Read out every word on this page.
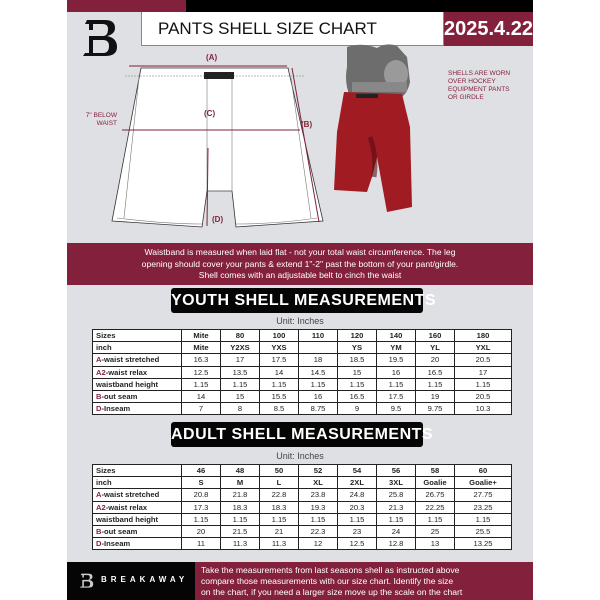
PANTS SHELL SIZE CHART	2025.4.22
(A)
(C)
(B)
(D)
7" BELOW
WAIST
SHELLS ARE WORN
OVER HOCKEY
EQUIPMENT PANTS
OR GIRDLE
Waistband is measured when laid flat - not your total waist circumference. The leg
opening should cover your pants & extend 1"-2" past the bottom of your pant/girdle.
Shell comes with an adjustable belt to cinch the waist
YOUTH SHELL MEASUREMENTS
Unit: Inches
Sizes	Mite	80	100	110	120	140	160	180
inch	Mite	Y2XS	YXS		YS	YM	YL	YXL
A-waist stretched	16.3	17	17.5	18	18.5	19.5	20	20.5
A2-waist relax	12.5	13.5	14	14.5	15	16	16.5	17
waistband height	1.15	1.15	1.15	1.15	1.15	1.15	1.15	1.15
B-out seam	14	15	15.5	16	16.5	17.5	19	20.5
D-Inseam	7	8	8.5	8.75	9	9.5	9.75	10.3
ADULT SHELL MEASUREMENTS
Unit: Inches
Sizes	46	48	50	52	54	56	58	60
inch	S	M	L	XL	2XL	3XL	Goalie	Goalie+
A-waist stretched	20.8	21.8	22.8	23.8	24.8	25.8	26.75	27.75
A2-waist relax	17.3	18.3	18.3	19.3	20.3	21.3	22.25	23.25
waistband height	1.15	1.15	1.15	1.15	1.15	1.15	1.15	1.15
B-out seam	20	21.5	21	22.3	23	24	25	25.5
D-Inseam	11	11.3	11.3	12	12.5	12.8	13	13.25
BREAKAWAY
Take the measurements from last seasons shell as instructed above
compare those measurements with our size chart. Identify the size
on the chart, if you need a larger size move up the scale on the chart
